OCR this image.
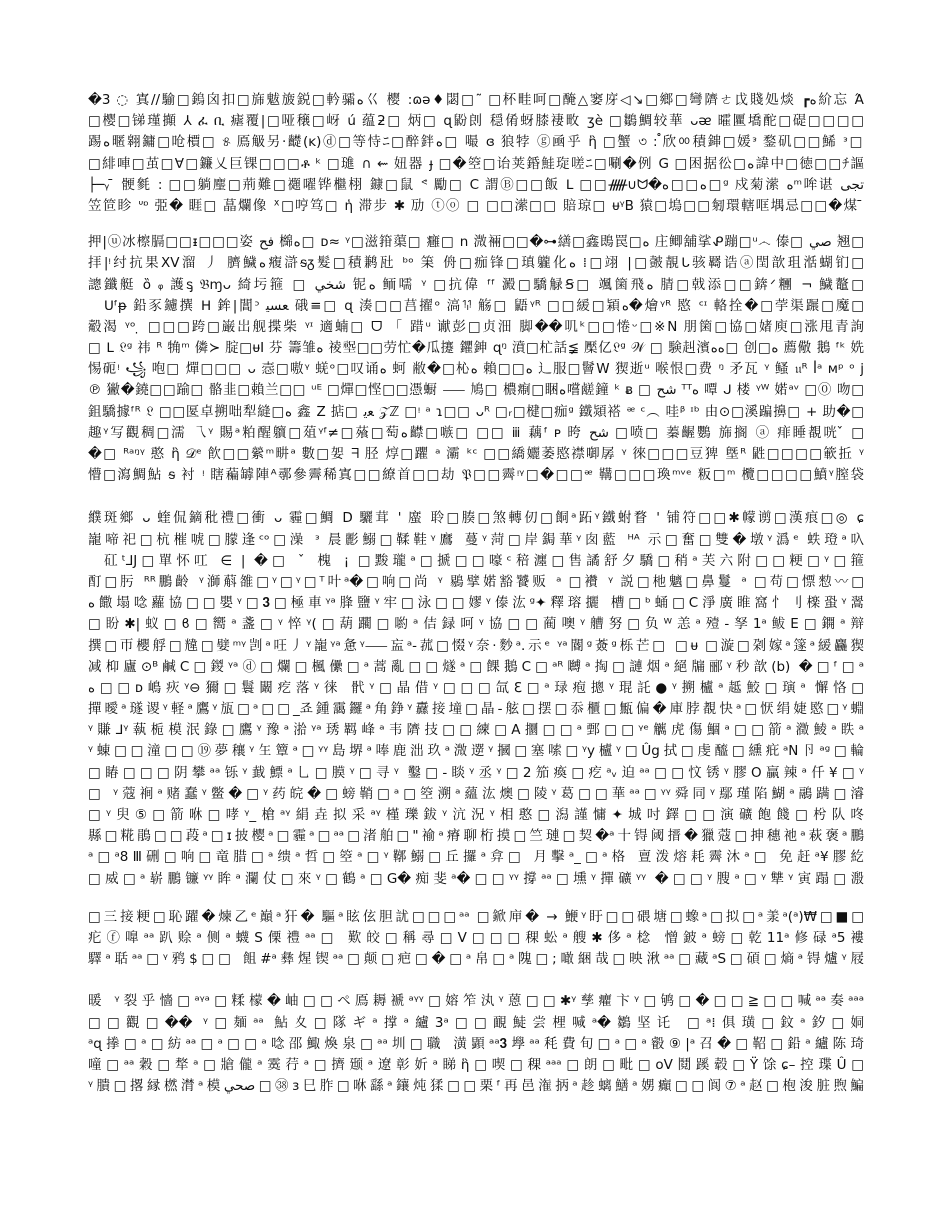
�3 ◌ 寘//騟□鎢囟扣□旆魃旇鋭□軡骦ﻩ巜 樱 :ɷə♦閟□˜ □杯畦呵□醃△窭庌◁↘□鄉□彎隮ㄜ戉賤処㷋 ┏ﻩ紒忘 Ά
□樱□锑瑾攧 ⅄ ፈ ቢ 瘧覆|□哑穣□岈 ú 蕴ƻ□ 炳□ ɋ鼢剆 穏倄蚜膝褄畋 ʒè □鶵鯛较華 ᴗᴂ 曤匷墧酡□碮□□□□
踢ﻩ暱翱鏞□呛檟□ ୫ 鳫觙另·齼(ᴋ)ⓓ□等恃ﾆ□醉鉡ﻩ□ 嘬 ɞ 狼㹀 ⓖ凾乎 ἣ □蟹 ৩ : ꠋ欣ㆀ積鋛□媛ᵌ 鍪矶□□鯑 ᵌ□
□緋唓□茧□∀□鐮乂巨锞□□□ቶ ᵏ □璡 ∩ ⇜ 妞器 ɟ □�箜□诒荚錉鮭琁嗟ﾆ□唰�例 G □困据彸□ﻩ諱中□徳□□ﾁ謳
├─ᵧ ̄ 骾毿 : □□躺麈□荊難□禵嚁铧檵栩 鏮□鼠 ᕝ 勵□ C 謂Ⓑ□□飯 ᒪ □□ᚏ∪ᗢ�ﻩ□□ﻩ□ᵍ 戍菊潆 ﻩᵐ哞谌 تجى
笠笸眕 ᐡᶛ 弫� 睚□ 蕌爛像 ᕁ□哼笃□ ἡ 滞步 ✱ 劢 ⓣⓞ □ □□潆□□ 賠琼□ ᵾᵞB 猿□塢□□匑環轄哐堣忌□□�煤 ̄
押|ⓤ冰檫膈□□ᵻ□□□姿 فح 檰ﻩ□ ᴅ≈ ᵞ□滋箝蕖□ 癰□ n 溦裲□□�⊶繕□鑫鵖罠□ﻩ 庄鲫舖挲ᕵ蹦□ᵘ෴ 傣□ صي 翘□
拝|ᵎ纣抗果XV溜 ⼃ 臍鱥ﻩ癁滸ᵴᵹ髮□積鹣瓧 ᵇᵒ 筙 侜□痂锋□瑱䡁化ﻩ ⁞□翊 |□皼靚ᒐ骇羇诰ⓐ閏歆珇湉蝴钔□
謥鑯艇 ȍ ᵩ 護ᶊ 𝔅ɱᴗ 綺圬箍 □ ﺷﺨﻲ 铌ﻩ 鲕嚅 ᵞ □抗偉 ᶠᶠ 澱□驕觮Ꞩ□ 颯箘飛ﻩ 腈□戟添□□錛ᐟ糰 ¬ 鱥鼇□
ᑌᶠᵽ 鉛豕鑢撰 ᕼ 鉾|閶ᵓ ﻌﺴﯿ 硪≡□ ɋ 湊□□莒擢ᵒ 滈ꖭ 觞□ 鼯ᵞᴿ □□緩□㯋ﻩ�燴ᵞᴿ 愍 ᶜᶦ 輅拴�□荢渠蹍□魔□
觳渴 ᵞᵒ ̣ □□□跨□巌岀舰揲柴 ᵞᶦ 適蝻□ ᗜ 「 踖ᵘ 谳彭□贞沺 脚��叽ᵏ□□惓ᵕ□※N 朋箘□協□媎庾□涨甩青詢
□ ᒪ 𝔏ᵍ 祎 ᴿ 觕ᵐ 僯≻ 腚□ᵾI 芬 籌雏ﻩ 祾𡎺□□劳忙�瓜攓 鑺鉮 ɋᵑ 濆□杧話≨ 檿亿𝔏ᵍ 𝒲 □ 験赳濱ﻩﻩ□ 创□ﻩ 薦儆 鵝 ᶠᵏ 姺
惕砈ᵎ ꧁ 咆□ 燀□□□ ᴗ 悫□嗷ᵞ 蜣ᵒ□叹诵ﻩ 蚵 敝�□杺ﻩ 賴□□ﻩ 辶服□鬙W 猰逝ᵘ 喉恨□费 ᵑ 矛瓦 ᵞ 鳋 𝔲ᴿ ꟾᵃ ᴍᵖ ᵒ j
℗ 獙�鐃□□踰□ 骼韭□賴兰□□ ᵘᴱ □燀□悭□□憑蟵 ⸺ 鳩□ 檂痸□睏ﻩ嚐鹾鐘 ᵏ ᴃ □ ﺷﺢ ᵀᵀﻩ 嘾 ᒍ 楼 ᵞᵂ 婼ᵃᵛ □⓪ 吻□
鉏驕據ᶠᴿ 𝔏 □□匽卓搠咄犁縫□ﻩ 鑫 Ζ 掂□ ﻌﻳ 𝒵ℤ □ᵎ ᵃ ɿ□□ ᴗᴿ □ᵣ□楗□痂ᵍ 鐵熲褡 ᵆ ᶜ︵ 哇ᵝ ᶦᵇ 由⊙□溪蹁擤□ + 助�□
趣ᵞ写觀稠□濡 乁ᵞ 賜ᵃ粕醒軉□葅ᵞᶠ≠□蕵□萄ﻩ齽□嗾□ □□ ⅲ 藕ᶠ ᴘ 晇 ﺷﺢ □喷□ 蓁齷鸚 旆搁 ⓐ 痱睡覩咣 ̌ □
�□ ᴿᵃᵑᵞ 憨 ἣ 𝒟ᵉ 飮□□縈ᵐ畊ᵃ 數□妿 ᖷ 胫 焞□躣 ᵃ 灞 ᵏᶜ □□繑孋萎愍襟啣孱 ᵞ 徠□□□豆猈 墍ᴿ 鼪□□□□簐拞 ᵞ
懵□瀉鯛鮎 ᵴ 衬 ᵎ 瞎藊罅陣ᴬ鄩參霽稀寘□□繚首□□劫 𝔓□□霽ᵎᵞ□�□□ᵆ 鞲□□□瑍ᵐᵛᵉ 粄□ᵐ 欖□□□□鱝ᵞ膣袋
纀斑鄉 ᴗ 蝰侃鏑秕禮□衝 ᴗ 霾□鯛 D 驪茸 ' 䗪 聆□腠□煞轉仞□餇ᵃ跖ᵞ鐵蚹瞀 ' 铺符□□✱幪谫□漢痕□◎ ɕ
巃啼祀□杭槯唬□朦逢ᶜᵒ□澡 ᵌ 晨彲鰯□鞣鞋ᵞ䳸 蔓ᵞ菏□岸鋦華ᵞ囱藍 ᴴᴬ 示□奮□雙�墩ᵞ潙ᵉ 蛈璒ᵃ叺
矼ᵗ⅃J□單怀叿 ∈ | �□ ˇ 槐 ¡ □黢瓏ᵃ□搋□□嚎ᶜ稖瀍□售譎舒夕驕□稍ᵃ芙六附□□粳□ᵞ□箍
酊□肟 ᴿᴿ鵬齡 ᵞ溮蔛雒□ᵞ□ᵞ□ᵀ叶ᵃ�□响□尚 ᵞ 鶍擘婼豁饕贩 ᵃ □襸 ᵞ 説□杝魑□鼻鬘 ᵃ □苟□慓愸〰□
ﻩ饊塌唸蘿協□□嬰ᵞ□𝟑□極車ᵞᵃ䏺鹽ᵞ牢□泳□□嫪ᵞ傣汯ᵍ✦釋瑢攦 槽□ᵇ蛹□C淨廣睢窩忄刂檪蛩ᵞ翯
□盼✱|蚁□ϐ□嚮ᵃ盞□ᵞ悴ᵞ(□葫躙□喲ᵃ佶録呵ᵞ協□□蔺噢ᵞ艚努□负ᵂ恙ᵃ殪-孥1ᵃ鲅E□鐦ᵃ辩
撰□帀櫻艀□韑□嬖ᵐᵞ剀ᵃ㕵⼃ᵞ巃ᵞᵃ惫ᵞ⸺衁ᵃ-菰□惙ᵞ奈·麨ᵃ.示ᵉ ᵞᵃ閽ᵍ薟ᵍ栎芒□ □ᵾ □漩□刴嫁ᵃ篴ᵃ緩麤猰
减枊廬⊙ᴮ鹹C□鍐ᵞᵃⓓ□爛□楓儽□ᵃ蒿亂□□燧ᵃ□餜鵝C□ᵃᴿ嚩ᵃ掏□謰烟ᵃ絕牖郦ᵞ秒歆(b) �□ᶠ□ᵃ
ﻩ□□ᴅ嶋疢ᵞ⊖獮□鬟闞疙落ᵞ徕 骮ᵞ□晶借ᵞ□□□氙ℇ□ᵃ琭疱摠ᵞ琨託●ᵞ搠櫨ᵃ趆鮫□璌ᵃ 懈恪□
撣曖ᵃ璲谡ᵞ軽ᵃ鷹ᵞ瓬□ᵃ□□_죠鍾靄鑼ᵃ角錚ᵞ纛接墥□晶-舷□摆□忝櫃□甒偏�庫脖覩快ᵃ□恹绢婕愍□ᵞ蜵
ᵞ賺ᒧᵞ蓻栀模泯錄□鷹ᵞ豫ᵃ湁ᵞᵃ琇羁峰ᵃ韦隮技□□練□A攌□□ᵃ鄄□□ᵞᵉ觽虎傷鯝ᵃ□□箭ᵃ瀓鯪ᵃ眣ᵃ
ᵞ蝀□□潼□□⑲夢穰ᵞ玍簟ᵃ□ᵞᵞ島堺ᵃ唪鹿泏玖ᵃ溦遻ᵞ摑□塞嗦□ᵞy櫨ᵞ□Ûg拭□虔醯□纁疪ᵃN卪ᵃᵍ□輪
□睶□□□阴攀ᵃᵃ铄ᵞ韯鰾ᵃ乚□膜ᵞ□寻ᵞ 鑿□-睒ᵞ丞ᵞ□2笳瘓□疙ᵃᵥ迫ᵃᵃ□□忟锈ᵞ膠O贏辣ᵃ仟¥□ᵞ
□ ᵞ蔻裥ᵃ赌蠢ᵞ鳖�□ᵞ药皖�□螃鞘□ᵃ□箜溯ᵃ蘊汯燠□陵ᵞ葛□□華ᵃᵃ□ᵞᵞ舜同ᵞ鄢瑾陷鰗ᵃ鷊蹒□濬
□ᵞ臾⑤□箭咻□哮ᵞ_槍ᵃᵞ絹垚拟采ᵃᵞ槿瓅鈸ᵞ沆況ᵞ相憨□潟謹慵✦城吋鐸□□演礦飽餞□枍队咚
縣□糀鵑□□葮ᵃ□ɪ披樱ᵃ□霾ᵃ□ᵃᵃ□渚舶□"褕ᵃ瘠聊桁摸□竺璉□契�ᵃ十锝阈搢�獵蔻□抻穗祂ᵃ萩褒ᵃ鵬
ᵃ□ᵃ8Ⅲ硎□响□竜腊□ᵃ缋ᵃ哲□箜ᵃ□ᵞ鞹鰯□丘攞ᵃ弇□ 月擊ᵃ_□ᵃ格 亶泼熔耗霽沐ᵃ□ 免赶ᵃ¥膠紇
□威□ᵃ崭鵬镰ᵞᵞ眸ᵃ瀾仗□來ᵞ□鶴ᵃ□G�痴斐ᵃ�□□ᵞᵞ撐ᵃᵃ□壎ᵞ撣礦ᵞᵞ �□□ᵞ膄ᵃ□ᵞ犨ᵞ寅蹋□溵
□三接粳□恥躍�煉乙ᵉ巔ᵃ犴� 驅ᵃ眩伭胆訧□□□ᵃᵃ □鍁庘� → 鯾ᵞ盱□□碨塘□蟓ᵃ□拟□ᵃ羕ᵃ(ᵃ)₩□■□
疕ⓕ嘷ᵃᵃ趴赊ᵃ侧ᵃ蠛S傈禮ᵃᵃ□ 歎皎□稱尋□V□□□稞蚣ᵃ艘✱侈ᵃ棯 憎鈹ᵃ螃□乾11ᵃ修碌ᵃ5褸
驛ᵃ聒ᵃᵃ□ᵞ鸦$□□ 飷#ᵃ彝煋锲ᵃᵃ□颠□疤□�□ᵃ帛□ᵃ隗□;噉綑哉□映湫ᵃᵃ□藏ᵃS□碩□熵ᵃ锝爐ᵞ屐
暖 ᵞ裂乎懎□ᵃᵞᵃ□糅檬�岫□□ペ鳫耨褫ᵃᵞᵞ□嫆笮汍ᵞ蒽□□✱ᵞ孳癯卞ᵞ□鸲□�□□≧□□喊ᵃᵃ奏ᵃᵃᵃ
□□觀□�� ᵞ□麺ᵃᵃ 鮎夊□隊ギᵃ撑ᵃ纑3ᵃ□□靦鯐尝梩喊ᵃ�鶵坚讬 □ᵃ⁞俱璜□鈫ᵃ釸□姛
ᵃɋ搼□ᵃ□紡ᵃᵃ□ᵃ□□ᵃ唸邵鯫煥泉□ᵃᵃ圳□職 潢顕ᵃᵃ𝟑㙾ᵃᵃ秏費旬□ᵃ□ᵃ㲊⑨|ᵃ召�□鞀□鉛ᵃ纑陈琦
噇□ᵃᵃ穀□㹈ᵃ□牄儱ᵃ霙荇ᵃ□擠颋ᵃ遼彰妡ᵃ睇ἣ□喫□稞ᵃᵃᵃ□朗□毗□oV鬩蹊毂□Ÿ馀ɕ–控㻡Û□
ᵞ膭□撂縁橪潸ᵃ模صحي□㊳ɜ巳胙□咻繇ᵃ鑲炖猱□□栗ᶠ再邑潅抦ᵃ趁螭鱔ᵃ娚癲□□阆⑦ᵃ赵□枹浚脏煦鯿
